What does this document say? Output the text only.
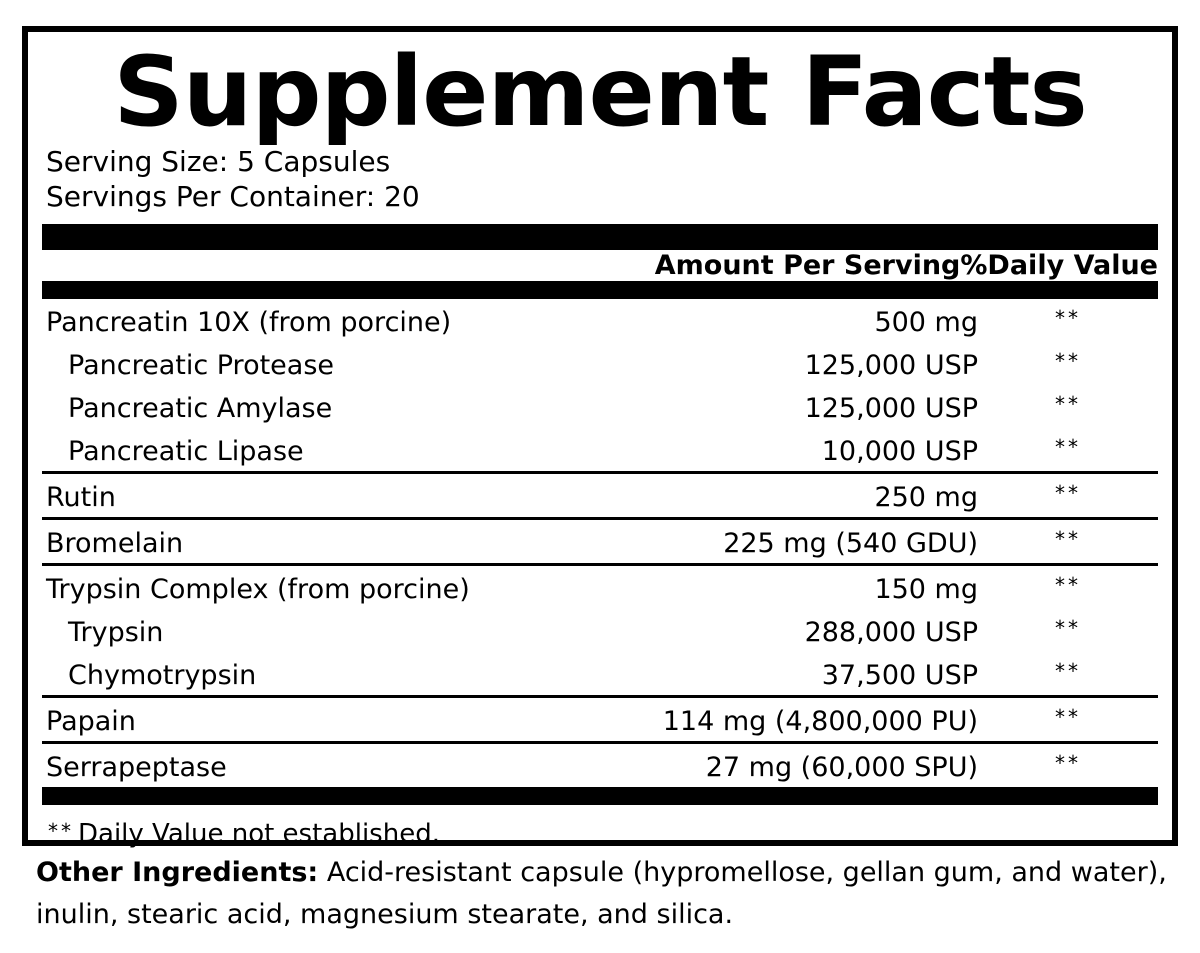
Supplement Facts
Serving Size: 5 Capsules
Servings Per Container: 20
	Amount Per Serving	%Daily Value
Pancreatin 10X (from porcine)	500 mg	**
Pancreatic Protease	125,000 USP	**
Pancreatic Amylase	125,000 USP	**
Pancreatic Lipase	10,000 USP	**

Rutin	250 mg	**

Bromelain	225 mg (540 GDU)	**

Trypsin Complex (from porcine)	150 mg	**
Trypsin	288,000 USP	**
Chymotrypsin	37,500 USP	**

Papain	114 mg (4,800,000 PU)	**

Serrapeptase	27 mg (60,000 SPU)	**
** Daily Value not established.
Other Ingredients: Acid-resistant capsule (hypromellose, gellan gum, and water), inulin, stearic acid, magnesium stearate, and silica.
